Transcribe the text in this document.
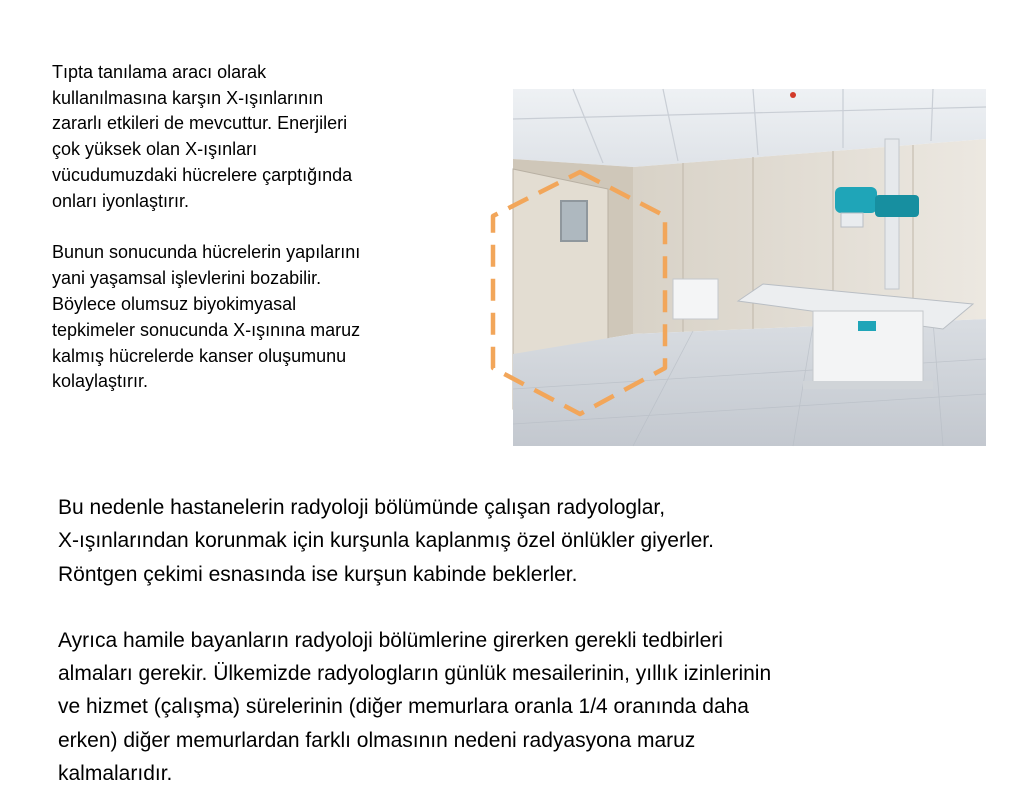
Tıpta tanılama aracı olarak
kullanılmasına karşın X-ışınlarının
zararlı etkileri de mevcuttur. Enerjileri
çok yüksek olan X-ışınları
vücudumuzdaki hücrelere çarptığında
onları iyonlaştırır.

Bunun sonucunda hücrelerin yapılarını
yani yaşamsal işlevlerini bozabilir.
Böylece olumsuz biyokimyasal
tepkimeler sonucunda X-ışınına maruz
kalmış hücrelerde kanser oluşumunu
kolaylaştırır.

Bu nedenle hastanelerin radyoloji bölümünde çalışan radyologlar,
X-ışınlarından korunmak için kurşunla kaplanmış özel önlükler giyerler.
Röntgen çekimi esnasında ise kurşun kabinde beklerler.

Ayrıca hamile bayanların radyoloji bölümlerine girerken gerekli tedbirleri
almaları gerekir. Ülkemizde radyologların günlük mesailerinin, yıllık izinlerinin
ve hizmet (çalışma) sürelerinin (diğer memurlara oranla 1/4 oranında daha
erken) diğer memurlardan farklı olmasının nedeni radyasyona maruz
kalmalarıdır.
